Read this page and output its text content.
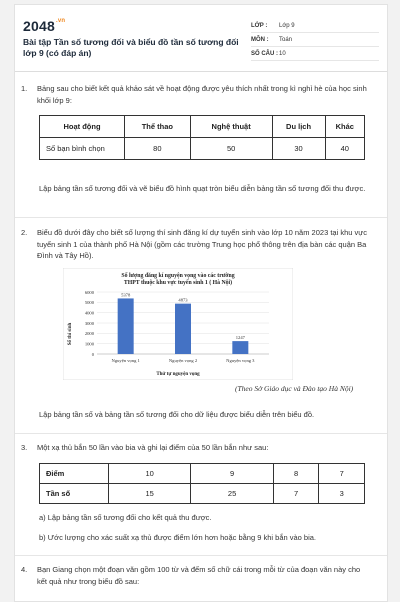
$2048^{.vn}$
Bài tập Tần số tương đối và biểu đồ tần số tương đối lớp 9 (có đáp án)
LỚP :	Lớp 9
MÔN :	Toán
SỐ CÂU : 10
1. Bảng sau cho biết kết quả khảo sát về hoạt động được yêu thích nhất trong kì nghỉ hè của học sinh khối lớp 9:
Hoạt động	Thể thao	Nghệ thuật	Du lịch	Khác
Số bạn bình chọn	80	50	30	40
Lập bảng tần số tương đối và vẽ biểu đồ hình quạt tròn biểu diễn bảng tần số tương đối thu được.
2. Biểu đồ dưới đây cho biết số lượng thí sinh đăng kí dự tuyển sinh vào lớp 10 năm 2023 tại khu vực tuyển sinh 1 của thành phố Hà Nội (gồm các trường Trung học phổ thông trên địa bàn các quận Ba Đình và Tây Hồ).
Số lượng đăng kí nguyện vọng vào các trường
THPT thuộc khu vực tuyển sinh 1 ( Hà Nội)
Thứ tự nguyện vọng
Số thí sinh
6000
5000
4000
3000
2000
1000
0
5378
Nguyện vọng 1
4873
Nguyện vọng 2
1247
Nguyện vọng 3
(Theo Sở Giáo dục và Đào tạo Hà Nội)
Lập bảng tần số và bảng tần số tương đối cho dữ liệu được biểu diễn trên biểu đồ.
3. Một xạ thủ bắn 50 lần vào bia và ghi lại điểm của 50 lần bắn như sau:
Điểm	10	9	8	7
Tần số	15	25	7	3
a) Lập bảng tần số tương đối cho kết quả thu được.
b) Ước lượng cho xác suất xạ thủ được điểm lớn hơn hoặc bằng 9 khi bắn vào bia.
4. Bạn Giang chọn một đoạn văn gồm 100 từ và đếm số chữ cái trong mỗi từ của đoạn văn này cho kết quả như trong biểu đồ sau:
